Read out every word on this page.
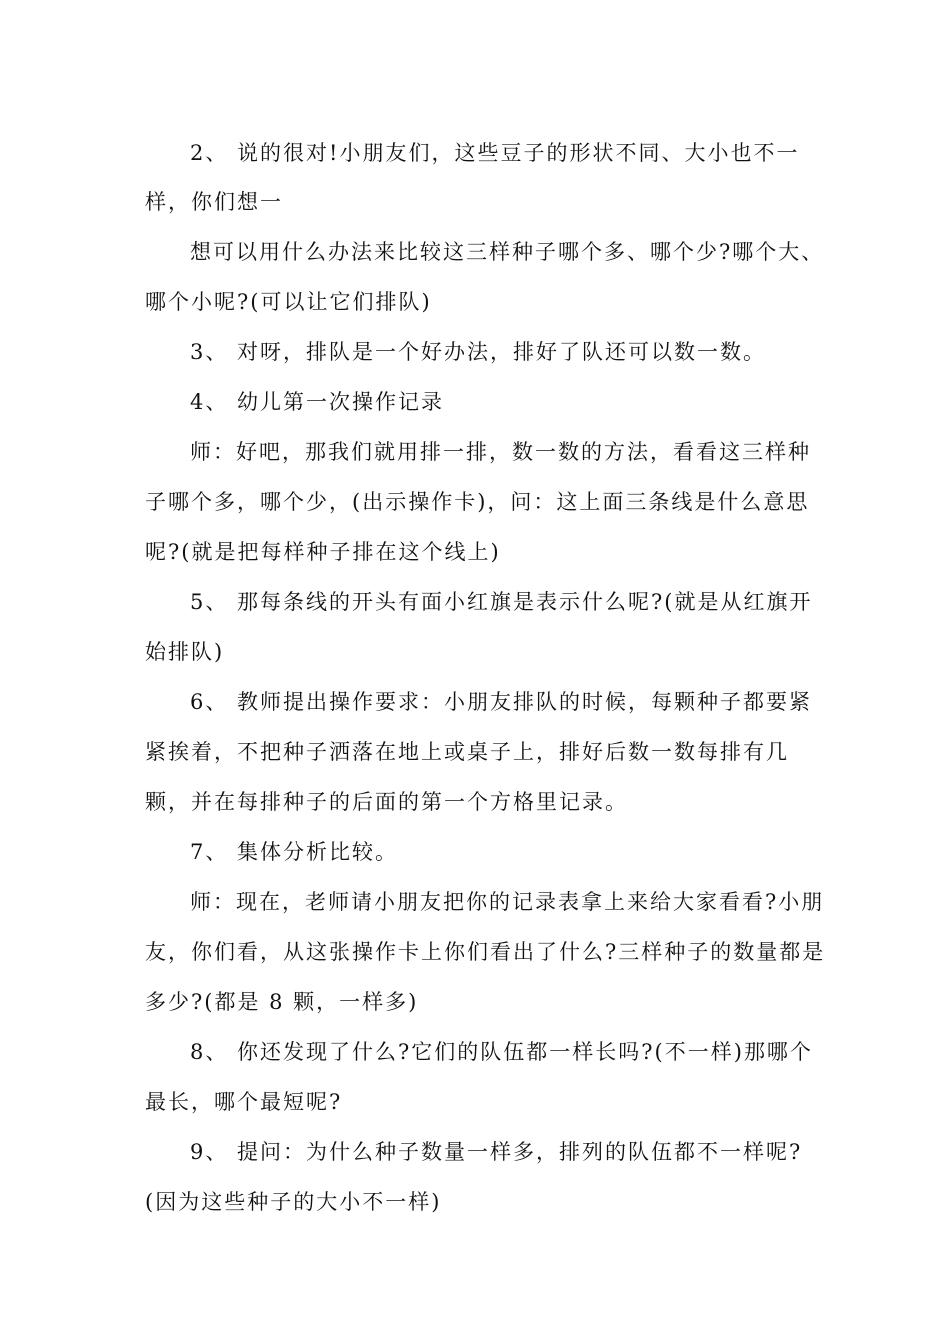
2、 说的很对!小朋友们，这些豆子的形状不同、大小也不一
样，你们想一
想可以用什么办法来比较这三样种子哪个多、哪个少?哪个大、
哪个小呢?(可以让它们排队)
3、 对呀，排队是一个好办法，排好了队还可以数一数。
4、 幼儿第一次操作记录
师：好吧，那我们就用排一排，数一数的方法，看看这三样种
子哪个多，哪个少，(出示操作卡)，问：这上面三条线是什么意思
呢?(就是把每样种子排在这个线上)
5、 那每条线的开头有面小红旗是表示什么呢?(就是从红旗开
始排队)
6、 教师提出操作要求：小朋友排队的时候，每颗种子都要紧
紧挨着，不把种子洒落在地上或桌子上，排好后数一数每排有几
颗，并在每排种子的后面的第一个方格里记录。
7、 集体分析比较。
师：现在，老师请小朋友把你的记录表拿上来给大家看看?小朋
友，你们看，从这张操作卡上你们看出了什么?三样种子的数量都是
多少?(都是 8 颗，一样多)
8、 你还发现了什么?它们的队伍都一样长吗?(不一样)那哪个
最长，哪个最短呢?
9、 提问：为什么种子数量一样多，排列的队伍都不一样呢?
(因为这些种子的大小不一样)
